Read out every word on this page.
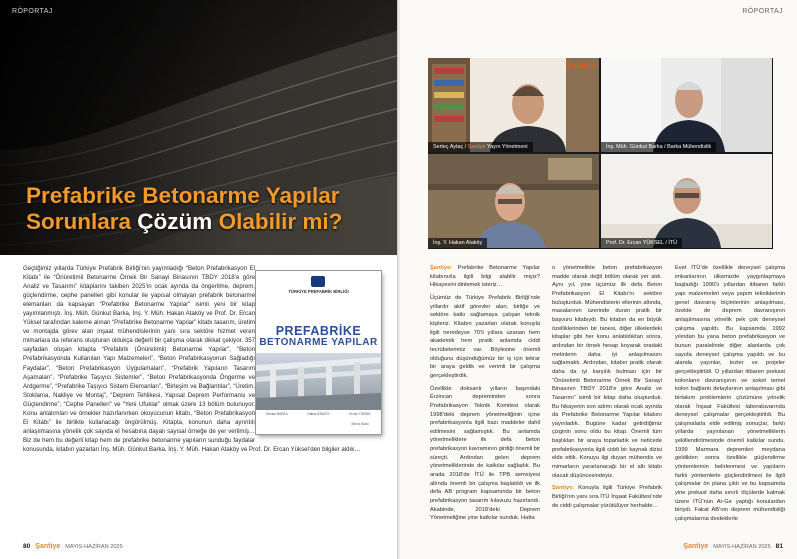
RÖPORTAJ
Prefabrike Betonarme Yapılar
Sorunlara Çözüm Olabilir mi?

Geçtiğimiz yıllarda Türkiye Prefabrik Birliği’nin yayımladığı “Beton Prefabrikasyon El Kitabı” ile “Önüretimli Betonarme Örnek Bir Sanayi Binasının TBDY 2018’e göre Analiz ve Tasarımı” kitaplarını takiben 2025’in ocak ayında da öngerilme, deprem, güçlendirme, cephe panelleri gibi konular ile yapısal olmayan prefabrik betonarme elemanları da kapsayan “Prefabrike Betonarme Yapılar” isimli yeni bir kitap yayımlanmıştı. İnş. Müh. Günkut Barka, İnş. Y. Müh. Hakan Ataköy ve Prof. Dr. Ercan Yüksel tarafından kaleme alınan “Prefabrike Betonarme Yapılar” kitabı tasarım, üretim ve montajda görev alan inşaat mühendislerinin yanı sıra sektöre hizmet veren mimarlara da referans oluşturan oldukça değerli bir çalışma olarak dikkat çekiyor. 357 sayfadan oluşan kitapta “Prefabrik (Önüretimli) Betonarme Yapılar”, “Beton Prefabrikasyonda Kullanılan Yapı Malzemeleri”, “Beton Prefabrikasyonun Sağladığı Faydalar”, “Beton Prefabrikasyon Uygulamaları”, “Prefabrik Yapıların Tasarım Aşamaları”, “Prefabrike Taşıyıcı Sistemler”, “Beton Prefabrikasyonda Öngerme ve Ardgerme”, “Prefabrike Taşıyıcı Sistem Elemanları”, “Birleşim ve Bağlantılar”, “Üretim, Stoklama, Nakliye ve Montaj”, “Deprem Tehlikesi, Yapısal Deprem Performansı ve Güçlendirme”, “Cephe Panelleri” ve “Yeni Ufuklar” olmak üzere 13 bölüm bulunuyor. Konu anlatımları ve örnekler hazırlanırken okuyucunun kitabı, “Beton Prefabrikasyon El Kitabı” ile birlikte kullanacağı öngörülmüş. Kitapta, konunun daha ayrıntılı anlaşılmasına yönelik çok sayıda el hesabına dayalı sayısal örneğe de yer verilmiş… Biz de hem bu değerli kitap hem de prefabrike betonarme yapıların sunduğu faydalar konusunda, kitabın yazarları İnş. Müh. Günkut Barka, İnş. Y. Müh. Hakan Ataköy ve Prof. Dr. Ercan Yüksel’den bilgiler aldık…

TÜRKİYE PREFABRİK BİRLİĞİ
PREFABRİKE
BETONARME YAPILAR
Günkut BARKA	Hakan ATAKÖY	Ercan YÜKSEL
Birinci Baskı
80 Şantiye MAYIS-HAZİRAN 2025
RÖPORTAJ
Şantiye
Serteç Aytaç / Şantiye Yayın Yönetmeni	İnş. Müh. Günkut Barka / Barka Mühendislik
İnş. Y. Hakan Ataköy	Prof. Dr. Ercan YÜKSEL / İTÜ

Şantiye: Prefabrike Betonarme Yapılar kitabınızla ilgili bilgi alabilir miyiz? Hikayesini dinlemek isteriz…

Üçümüz de Türkiye Prefabrik Birliği’nde yıllardır aktif görevler alan, birliğe ve sektöre katkı sağlamaya çalışan teknik kişileriz. Kitabın yazarları olarak konuyla ilgili neredeyse 70’li yıllara uzanan hem akademik hem pratik anlamda ciddi tecrübelerimiz var. Böylesine önemli olduğunu düşündüğümüz bir iş için tekrar bir araya geldik ve verimli bir çalışma gerçekleştirdik.

Özellikle doksanlı yılların başındaki Erzincan depreminden sonra Prefabrikasyon Teknik Komitesi olarak 1998’deki deprem yönetmeliğinin içine prefabrikasyonla ilgili bazı maddeler dahil edilmesini sağlamıştık. Bu anlamda yönetmeliklere ilk defa beton prefabrikasyon kavramının girdiği önemli bir süreçti. Ardından gelen deprem yönetmeliklerinde de katkılar sağladık. Bu arada 2018’de İTÜ ile TPB semsiyesi altında önemli bir çalışma başlatıldı ve ilk defa AB program kapsamında bir beton prefabrikasyon tasarım kılavuzu hazırlandı. Akabinde, 2018’deki Deprem Yönetmeliğine yine katkılar sunduk. Hatta

o yönetmelikte beton prefabrikasyon madde olarak değil bölüm olarak yer aldı. Aynı yıl, yine üçümüz ilk defa Beton Prefabrikasyon El Kitabı’nı sektöre buluşturduk. Mühendislerin ellerinin altında, masalarının üzerinde duran pratik bir başvuru kitabıydı. Bu kitabın da en büyük özelliklerinden bir tanesi, diğer ülkelerdeki kitaplar gibi her konu anlatıldıktan sonra, ardından bir örnek hesap koyarak oradaki metinlerin daha iyi anlaşılmasını sağlamaktı. Ardından, kitabın pratik olarak daha da iyi karşılık bulması için bir “Önüretimli Betonarme Örnek Bir Sanayi Binasının TBDY 2018’e göre Analiz ve Tasarımı” isimli bir kitap daha oluşturduk. Bu hikayenin son adımı olarak ocak ayında da Prefabrike Betonarme Yapılar kitabını yayınladık. Bugüne kadar getirdiğimiz çizginin sonu oldu bu kitap. Önemli tüm başlıkları bir araya toparladık ve neticede prefabrikasyonla ilgili ciddi bir kaynak dizisi elde ettik. Konuyu ilgi duyan mühendis ve mimarların yararlanacağı bir el altı kitabı olacak düşüncesindeyiz.

Şantiye: Konuyla ilgili Türkiye Prefabrik Birliği’nin yanı sıra İTÜ İnşaat Fakültesi’nde de ciddi çalışmalar yürütülüyor herhalde…

Evet İTÜ’de özellikle deneysel çalışma imkanlarının ülkemizde yaygınlaşmaya başladığı 1990’lı yıllardan itibaren farklı yapı malzemeleri veya yapım tekniklerinin genel davranış biçimlerinin anlaşılması, özelde de deprem davranışının anlaşılmasına yönelik pek çok deneysel çalışma yapıldı. Bu kapsamda 1992 yılından bu yana beton prefabrikasyon ve bunun paralelinde diğer alanlarda çok sayıda deneysel çalışma yapıldı ve bu alanda yayınlar, tezler ve projeler gerçekleştirildi. O yıllardan itibaren prekast kolonların davranışının ve soket temel kolon bağlantı detaylarının anlaşılması gibi birtakım problemlerin çözümüne yönelik olarak İnşaat Fakültesi laboratuvarında deneysel çalışmalar gerçekleştirildi. Bu çalışmalarla elde edilmiş sonuçlar, farklı yıllarda yayınlanan yönetmeliklerin şekillendirilmesinde önemli katkılar sundu. 1999 Marmara depremleri meydana geldikten sonra özellikle güçlendirme yöntemlerinin belirlenmesi ve yapıların farklı yöntemlerle güçlendirilmesi ile ilgili çalışmalar ön plana çıktı ve bu kapsamda yine prekast daha sınırlı ölçülerde kalmak üzere İTÜ’nün Ar-Ge yaptığı konulardan biriydi. Fakat AB’nin deprem mühendisliği çalışmalarına desteklerle

Şantiye MAYIS-HAZİRAN 2025 81
